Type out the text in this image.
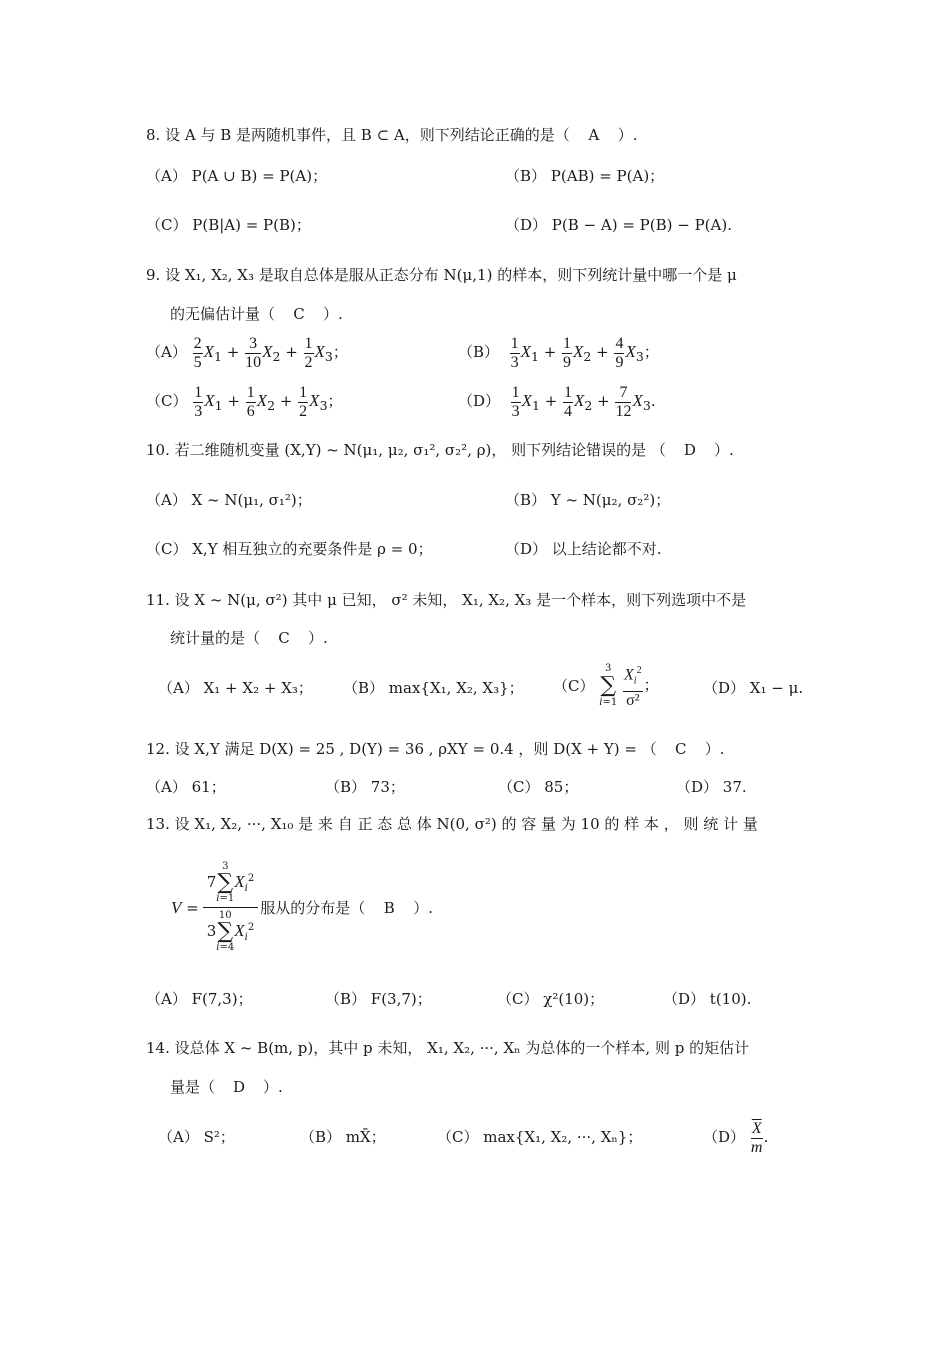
8. 设 A 与 B 是两随机事件，且 B ⊂ A，则下列结论正确的是（ A ）.
（A） P(A ∪ B) = P(A)；	（B） P(AB) = P(A)；
（C） P(B|A) = P(B)；	（D） P(B − A) = P(B) − P(A).
9. 设 X₁, X₂, X₃ 是取自总体是服从正态分布 N(μ,1) 的样本，则下列统计量中哪一个是 μ
的无偏估计量（ C ）.
$(A) \frac{2}{5} X_1 + \frac{3}{10} X_2 + \frac{1}{2} X_3$；	$(B) \frac{1}{3} X_1 + \frac{1}{9} X_2 + \frac{4}{9} X_3$；
$(C) \frac{1}{3} X_1 + \frac{1}{6} X_2 + \frac{1}{2} X_3$；	$(D) \frac{1}{3} X_1 + \frac{1}{4} X_2 + \frac{7}{12} X_3$.
10. 若二维随机变量 (X,Y) ~ N(μ₁, μ₂, σ₁², σ₂², ρ)， 则下列结论错误的是 （ D ）.
（A） X ~ N(μ₁, σ₁²)；	（B） Y ~ N(μ₂, σ₂²)；
（C） X,Y 相互独立的充要条件是 ρ = 0；	（D） 以上结论都不对.
11. 设 X ~ N(μ, σ²) 其中 μ 已知， σ² 未知， X₁, X₂, X₃ 是一个样本，则下列选项中不是
统计量的是（ C ）.
（A） X₁ + X₂ + X₃； （B） max{X₁, X₂, X₃}； （C）
3
∑
i=1
$\frac{X_i^2}{\text{σ²}}$ ；	（D） X₁ − μ.
12. 设 X,Y 满足 D(X) = 25 , D(Y) = 36 , ρXY = 0.4 ，则 D(X + Y) = （ C ）.
（A） 61；	（B） 73；	（C） 85；	（D） 37.
13. 设 X₁, X₂, ···, X₁₀ 是 来 自 正 态 总 体 N(0, σ²) 的 容 量 为 10 的 样 本 ， 则 统 计 量
V =	7
3
∑
i=1
$X_i^2$	服从的分布是（ B ）.
3
10
∑
i=4
$X_i^2$
（A） F(7,3)；	（B） F(3,7)；	（C） χ²(10)；	（D） t(10).
14. 设总体 X ~ B(m, p)，其中 p 未知， X₁, X₂, ···, Xₙ 为总体的一个样本, 则 p 的矩估计
量是（ D ）.
（A） S²；	（B） mX̄；	（C） max{X₁, X₂, ···, Xₙ}；	$(D) \frac{\overline{X}}{m}$ .
